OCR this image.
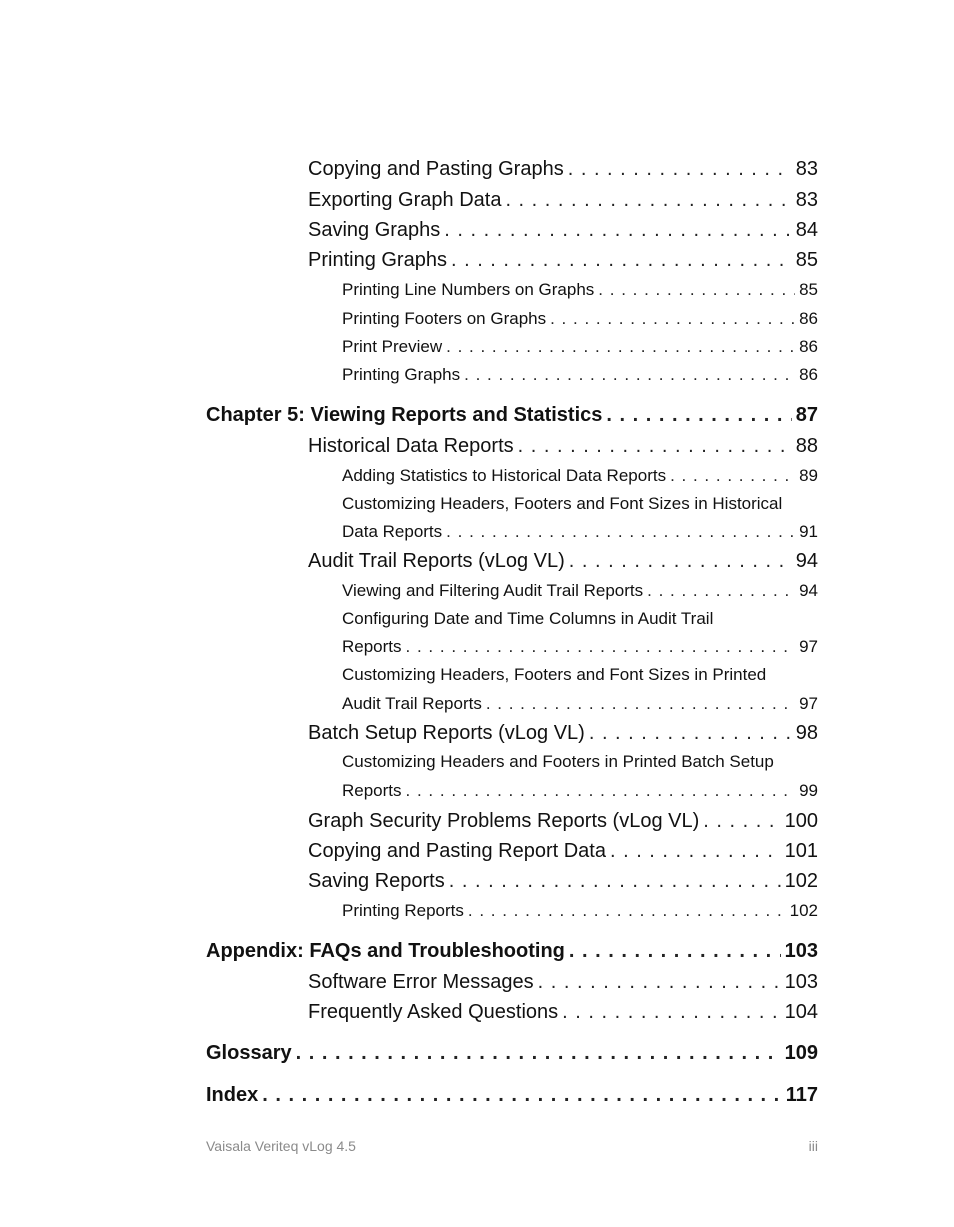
Copying and Pasting Graphs . . .	83
Exporting Graph Data . . .	83
Saving Graphs . . .	84
Printing Graphs . . .	85
Printing Line Numbers on Graphs . . .	85
Printing Footers on Graphs . . .	86
Print Preview . . .	86
Printing Graphs . . .	86
Chapter 5: Viewing Reports and Statistics . . .	87
Historical Data Reports . . .	88
Adding Statistics to Historical Data Reports . . .	89
Customizing Headers, Footers and Font Sizes in Historical
Data Reports . . .	91
Audit Trail Reports (vLog VL) . . .	94
Viewing and Filtering Audit Trail Reports . . .	94
Configuring Date and Time Columns in Audit Trail
Reports . . .	97
Customizing Headers, Footers and Font Sizes in Printed
Audit Trail Reports . . .	97
Batch Setup Reports (vLog VL) . . .	98
Customizing Headers and Footers in Printed Batch Setup
Reports . . .	99
Graph Security Problems Reports (vLog VL) . . .	100
Copying and Pasting Report Data . . .	101
Saving Reports . . .	102
Printing Reports . . .	102
Appendix: FAQs and Troubleshooting . . .	103
Software Error Messages . . .	103
Frequently Asked Questions . . .	104
Glossary . . .	109
Index . . .	117
Vaisala Veriteq vLog 4.5	iii
